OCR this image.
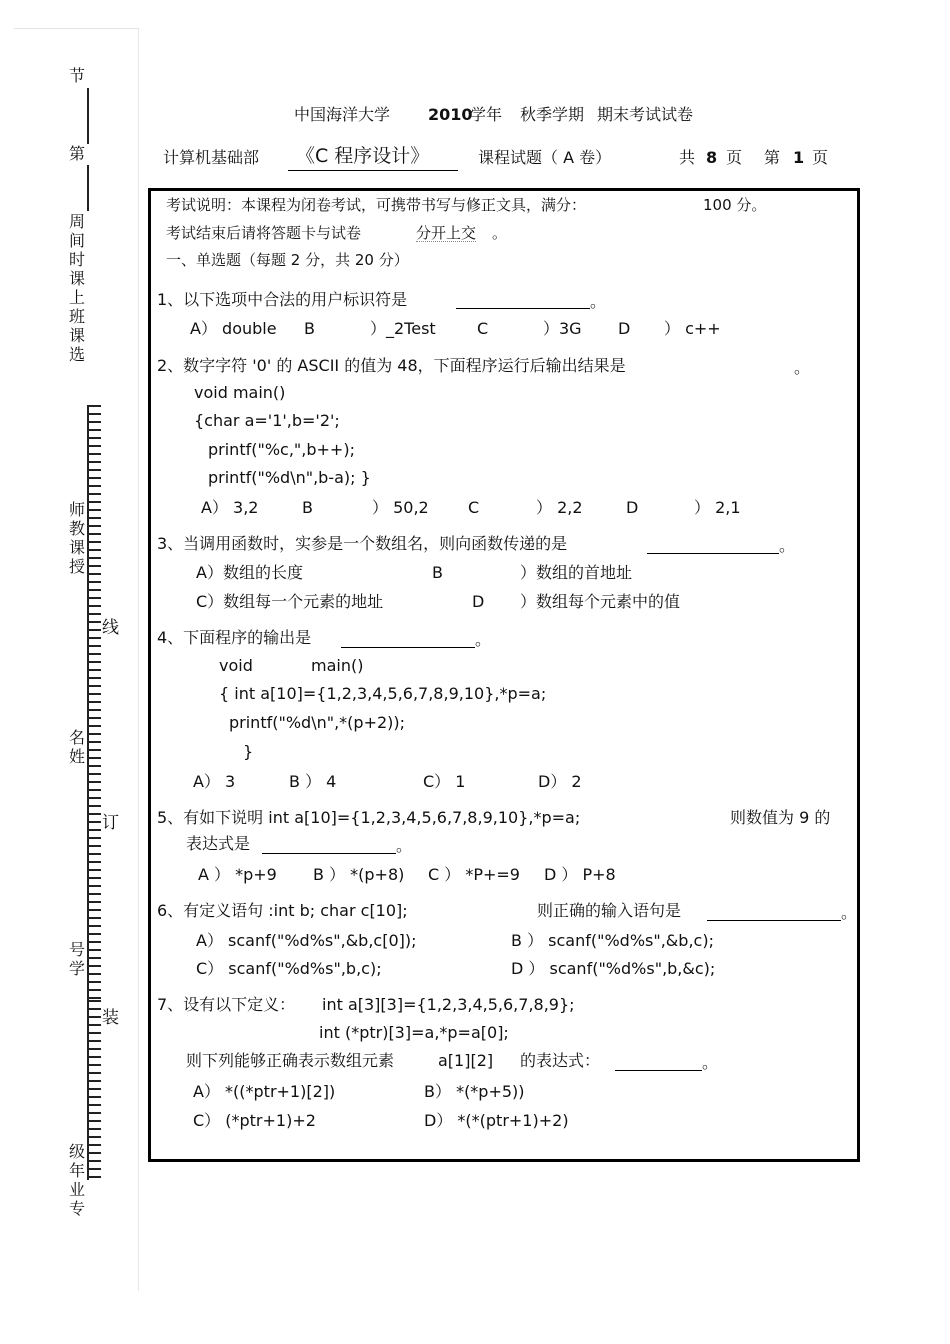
节
第
周间时课上班课选
师教课授
线
名姓
订
号学
装
级年业专
中国海洋大学 2010
学年 秋季学期 期末考试试卷
计算机基础部 《C 程序设计》	课程试题（ A 卷）	共 8 页 第 1 页
考试说明：本课程为闭卷考试，可携带书写与修正文具，满分：	100 分。
考试结束后请将答题卡与试卷	分开上交 。
一、单选题（每题 2 分，共 20 分）
1、以下选项中合法的用户标识符是	。
A） double B	）_2Test	C	）3G D ） c++
2、数字字符 '0' 的 ASCII 的值为 48，下面程序运行后输出结果是	。
void main()
{char a='1',b='2';
printf("%c,",b++);
printf("%d\n",b-a); }
A） 3,2	B	） 50,2 C	） 2,2	D	） 2,1
3、当调用函数时，实参是一个数组名，则向函数传递的是	。
A）数组的长度	B	）数组的首地址
C）数组每一个元素的地址	D ）数组每个元素中的值
4、下面程序的输出是	。
void	main()
{ int a[10]={1,2,3,4,5,6,7,8,9,10},*p=a;
printf("%d\n",*(p+2));
}
A） 3	B ） 4	C） 1	D） 2
5、有如下说明 int a[10]={1,2,3,4,5,6,7,8,9,10},*p=a;	则数值为 9 的
表达式是	。
A ） *p+9 B ） *(p+8) C ） *P+=9 D ） P+8
6、有定义语句 :int b; char c[10];	则正确的输入语句是	。
A） scanf("%d%s",&b,c[0]);	B ） scanf("%d%s",&b,c);
C） scanf("%d%s",b,c);	D ） scanf("%d%s",b,&c);
7、设有以下定义： int a[3][3]={1,2,3,4,5,6,7,8,9};
int (*ptr)[3]=a,*p=a[0];
则下列能够正确表示数组元素	a[1][2] 的表达式：	。
A） *((*ptr+1)[2])	B） *(*p+5))
C） (*ptr+1)+2	D） *(*(ptr+1)+2)
